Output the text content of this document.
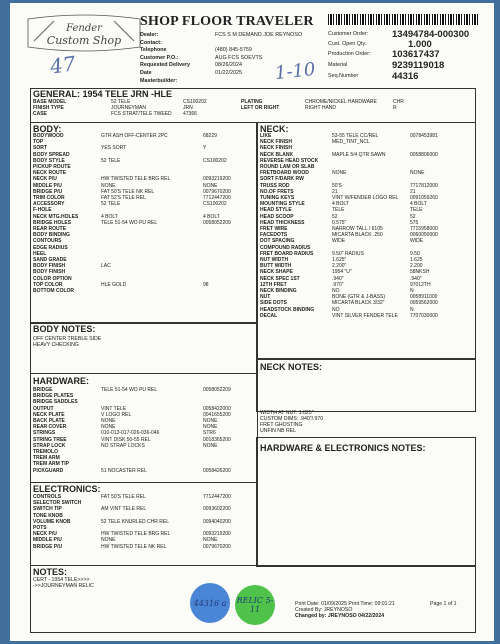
Fender
Custom Shop
SHOP FLOOR TRAVELER
Dealer:	FCS S M DEMAND JOE REYNOSO
Contact:
Telephone	(480) 845-5759
Customer P.O.:	AUG FCS SOEVTS
Requested Delivery	08/26/2024
Date	01/22/2025
Masterbuilder:
Customer Order:	13494784-000300
Cust. Open Qty.	1.000
Production Order: 103617437
Material	9239119018
Seq.Number	44316
47	1-10
GENERAL: 1954 TELE JRN -HLE
BASE MODEL	52 TELE	CS100202	PLATING	CHROME/NICKEL HARDWARE	CHR
FINISH TYPE	JOURNEYMAN	JRN	LEFT OR RIGHT	RIGHT HAND	R
CASE	FCS STRAT/TELE TWEED 47366
BODY:
BODYWOOD	GTR ASH OFF-CENTER 2PC	68229
TOP
SORT	YES SORT	Y
BODY SPREAD
BODY STYLE	52 TELE	CS100202
PICKUP ROUTE
NECK ROUTE
NECK P/U	HW TWISTED TELE BRG REL	0093219200
MIDDLE P/U	NONE	NONE
BRIDGE P/U	FAT 50'S TELE NK REL	0079670200
TRIM COLOR	FAT 52'S TELE REL	7712447200
ACCESSORY	52 TELE	CS100202
F-HOLE
NECK MTG.HOLES	4 BOLT	4 BOLT
BRIDGE HOLES	TELE 51-54 WO PU REL	0058052209
REAR ROUTE
BODY BINDING
CONTOURS
EDGE RADIUS
HEEL
SAND GRADE
BODY FINISH	LAC
BODY FINISH
COLOR OPTION
TOP COLOR	HLE GOLD	98
BOTTOM COLOR
NECK:
LIKE	53-55 TELE CC/REL	0078453981
NECK FINISH	MED_TINT_NCL
NECK FINISH
NECK BLANK	MAPLE 5/4 QTR SAWN	0058806000
REVERSE HEAD STOCK
ROUND LAM OR SLAB
FRETBOARD WOOD	NONE	NONE
SORT F/DARK RW
TRUSS ROD	50'S	7717812000
NO.OF FRETS	21	21
TUNING KEYS	VINT W/FENDER LOGO REL 0091059260
MOUNTING STYLE	4 BOLT	4 BOLT
HEAD STYLE	TELE	TELE
HEAD SCOOP	52	52
HEAD THICKNESS	0.575"	575
FRET WIRE	NARROW TALL / 6105	7715958000
FACEDOTS	MICARTA BLACK .250	0060050000
DOT SPACING	WIDE	WIDE
COMPOUND RADIUS
FRET BOARD RADIUS	9.50" RADIUS	9.50
NUT WIDTH	1.625"	1.625
BUTT WIDTH	2.200"	2.200
NECK SHAPE	1954 "U"	58NKSH
NECK SPEC 1ST	.940"	.940"
12TH FRET	.970"	97012TH
NECK BINDING	NO	N
NUT	BONE (GTR & J-BASS)	0058911000
SIDE DOTS	MICARTA BLACK 3/32"	0059562000
HEADSTOCK BINDING	NO	N
DECAL	VINT SILVER FENDER TELE 7707030000
BODY NOTES:
OFF CENTER TREBLE SIDE
HEAVY CHECKING
NECK NOTES:
WIDTH AT NUT: 1.625"
CUSTOM DIMS: .940"/.970
FRET GHOSTING
UNFIN NB REL
HARDWARE:
BRIDGE	TELE 51-54 WO PU REL	0058052209
BRIDGE PLATES
BRIDGE SADDLES
OUTPUT	VINT TELE	0058422000
NECK PLATE	V LOGO REL	0041655200
BACK PLATE	NONE	NONE
REAR COVER	NONE	NONE
STRINGS	010-013-017-026-036-046	STR6
STRING TREE	VINT DISK 50-55 REL	0018365200
STRAP LOCK	NO STRAP LOCKS	NONE
TREMOLO
TREM ARM
TREM ARM TIP
PICKGUARD	51 NOCASTER REL	0058426200
HARDWARE & ELECTRONICS NOTES:
ELECTRONICS:
CONTROLS	FAT 50'S TELE REL	7712447200
SELECTOR SWITCH
SWITCH TIP	AM VINT TELE REL	0093602200
TONE KNOB
VOLUME KNOB	52 TELE KNURLED CHR REL	0094040200
POTS
NECK P/U	HW TWISTED TELE BRG REL	0093219200
MIDDLE P/U	NONE	NONE
BRIDGE P/U	HW TWISTED TELE NK REL	0079670200
NOTES:
CERT - 1954 TELE>>>>
->>JOURNEYMAN RELIC
44316 a	RELIC 5-11
Print Date: 01/09/2025 Print Time: 09:01:21
Created By: JREYNOSO
Changed by: JREYNOSO 04/22/2024
Page 1 of 1
